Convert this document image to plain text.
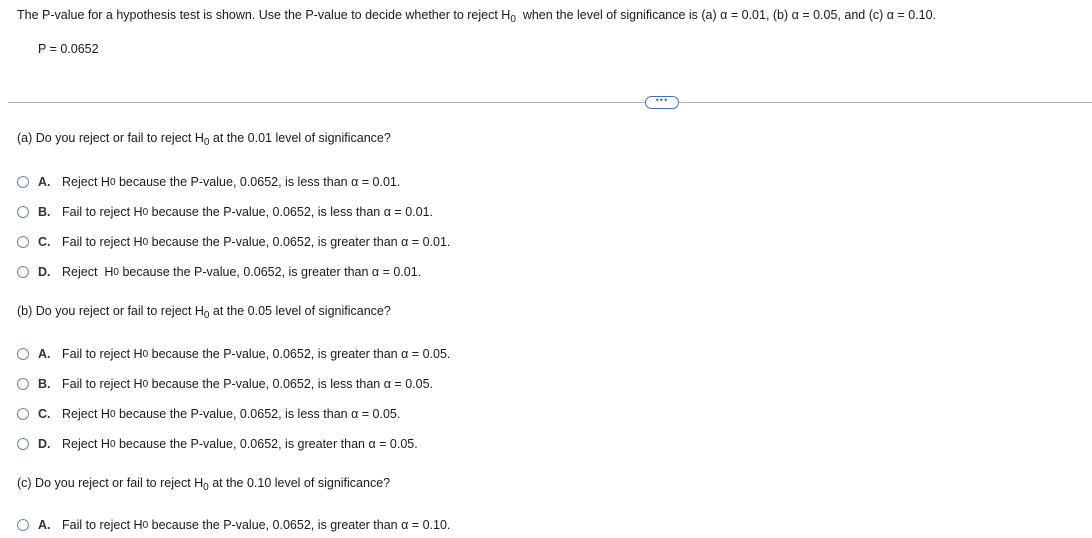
The P-value for a hypothesis test is shown. Use the P-value to decide whether to reject $H_0$  when the level of significance is (a) α = 0.01, (b) α = 0.05, and (c) α = 0.10.
P = 0.0652
•••
(a) Do you reject or fail to reject $H_0$ at the 0.01 level of significance?
A. Reject H 0 because the P-value, 0.0652, is less than α = 0.01.
B. Fail to reject H 0 because the P-value, 0.0652, is less than α = 0.01.
C. Fail to reject H 0 because the P-value, 0.0652, is greater than α = 0.01.
D. Reject  H 0 because the P-value, 0.0652, is greater than α = 0.01.
(b) Do you reject or fail to reject $H_0$ at the 0.05 level of significance?
A. Fail to reject H 0 because the P-value, 0.0652, is greater than α = 0.05.
B. Fail to reject H 0 because the P-value, 0.0652, is less than α = 0.05.
C. Reject H 0 because the P-value, 0.0652, is less than α = 0.05.
D. Reject H 0 because the P-value, 0.0652, is greater than α = 0.05.
(c) Do you reject or fail to reject $H_0$ at the 0.10 level of significance?
A. Fail to reject H 0 because the P-value, 0.0652, is greater than α = 0.10.
